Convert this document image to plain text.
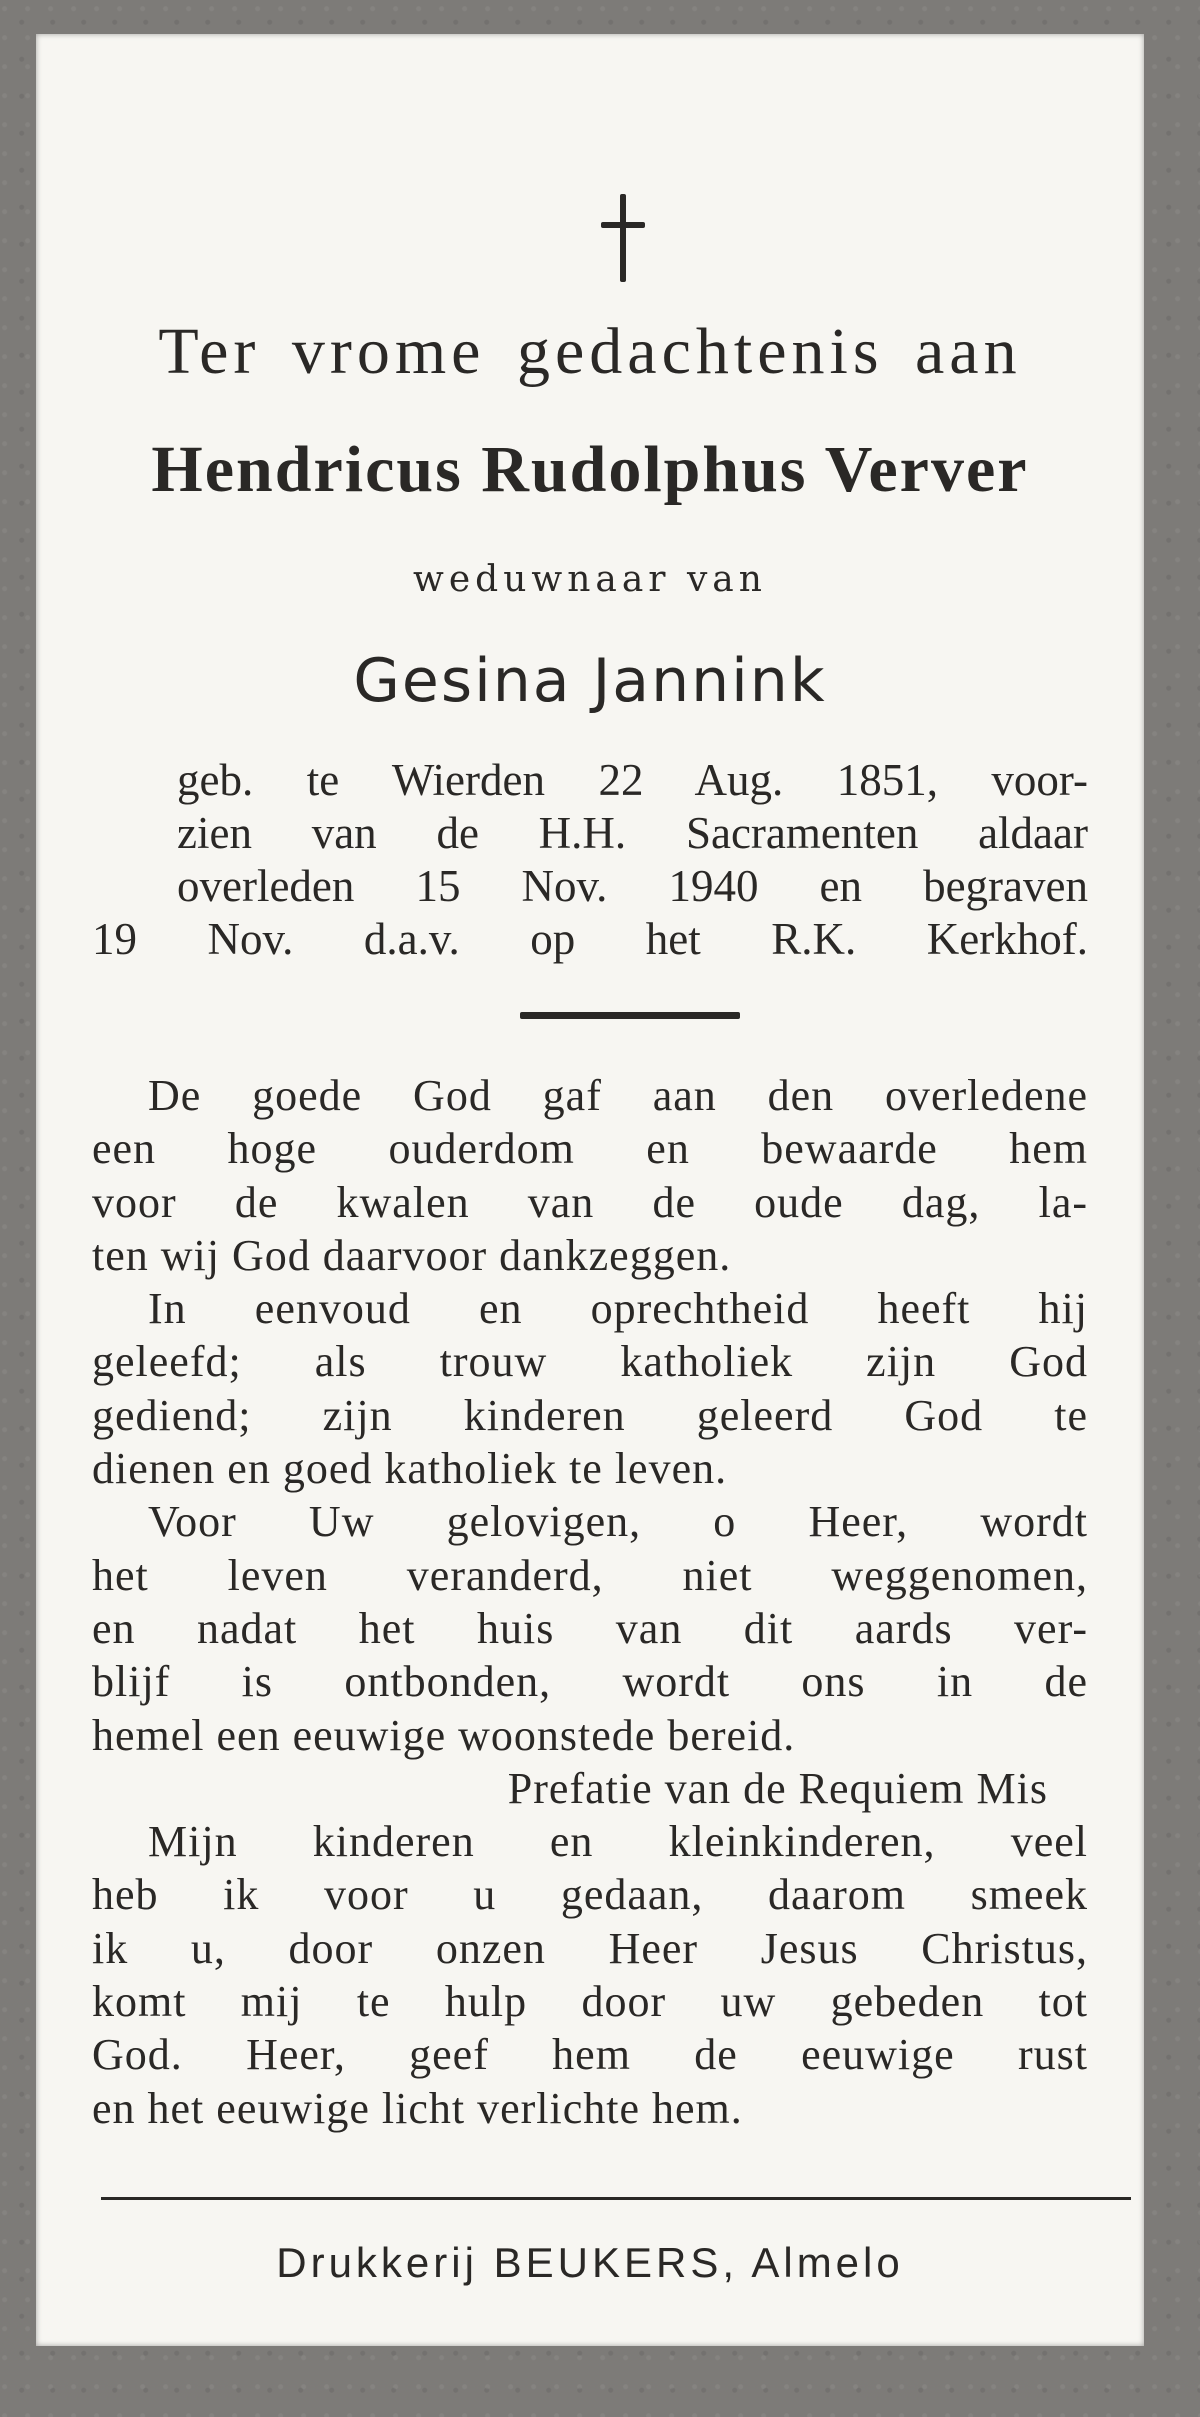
Ter vrome gedachtenis aan
Hendricus Rudolphus Verver
weduwnaar van
Gesina Jannink

geb. te Wierden 22 Aug. 1851, voor-

zien van de H.H. Sacramenten aldaar

overleden 15 Nov. 1940 en begraven

19 Nov. d.a.v. op het R.K. Kerkhof.

De goede God gaf aan den overledene

een hoge ouderdom en bewaarde hem

voor de kwalen van de oude dag, la-

ten wij God daarvoor dankzeggen.

In eenvoud en oprechtheid heeft hij

geleefd; als trouw katholiek zijn God

gediend; zijn kinderen geleerd God te

dienen en goed katholiek te leven.

Voor Uw gelovigen, o Heer, wordt

het leven veranderd, niet weggenomen,

en nadat het huis van dit aards ver-

blijf is ontbonden, wordt ons in de

hemel een eeuwige woonstede bereid.

Prefatie van de Requiem Mis

Mijn kinderen en kleinkinderen, veel

heb ik voor u gedaan, daarom smeek

ik u, door onzen Heer Jesus Christus,

komt mij te hulp door uw gebeden tot

God. Heer, geef hem de eeuwige rust

en het eeuwige licht verlichte hem.

Drukkerij BEUKERS, Almelo
